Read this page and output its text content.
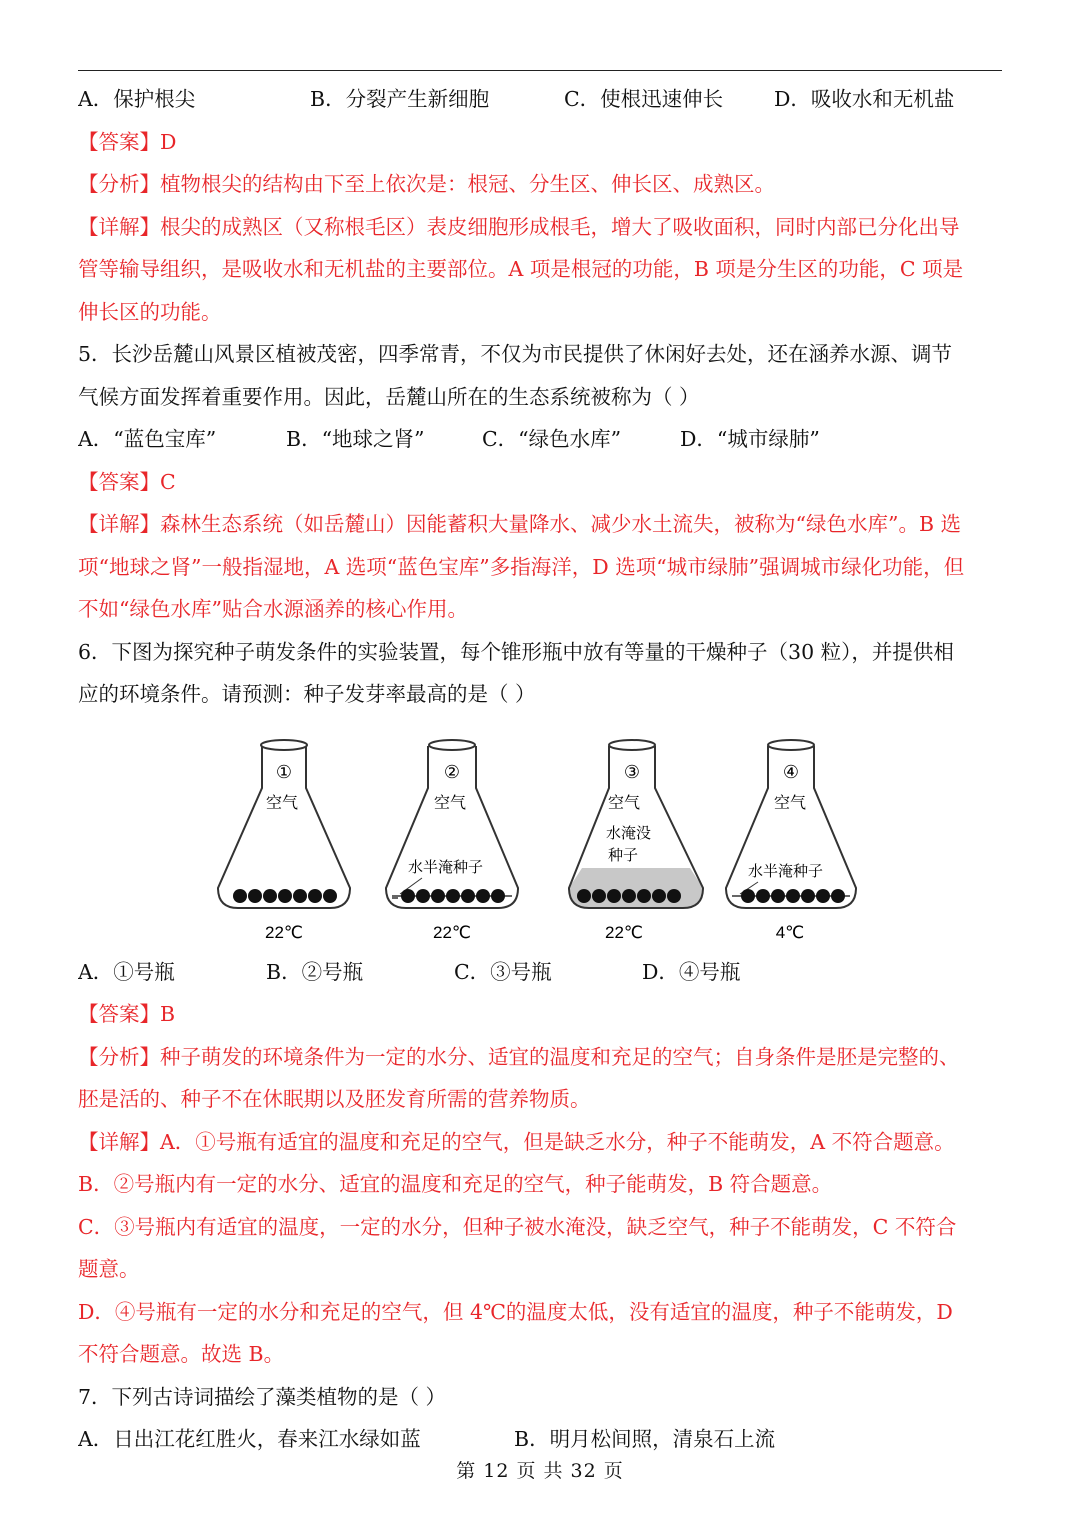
A．保护根尖	B．分裂产生新细胞	C．使根迅速伸长 D．吸收水和无机盐
【答案】D
【分析】植物根尖的结构由下至上依次是：根冠、分生区、伸长区、成熟区。
【详解】根尖的成熟区（又称根毛区）表皮细胞形成根毛，增大了吸收面积，同时内部已分化出导
管等输导组织，是吸收水和无机盐的主要部位。A 项是根冠的功能，B 项是分生区的功能，C 项是
伸长区的功能。
5．长沙岳麓山风景区植被茂密，四季常青，不仅为市民提供了休闲好去处，还在涵养水源、调节
气候方面发挥着重要作用。因此，岳麓山所在的生态系统被称为（ ）
A．“蓝色宝库”	B．“地球之肾”	C．“绿色水库”	D．“城市绿肺”
【答案】C
【详解】森林生态系统（如岳麓山）因能蓄积大量降水、减少水土流失，被称为“绿色水库”。B 选
项“地球之肾”一般指湿地，A 选项“蓝色宝库”多指海洋，D 选项“城市绿肺”强调城市绿化功能，但
不如“绿色水库”贴合水源涵养的核心作用。
6．下图为探究种子萌发条件的实验装置，每个锥形瓶中放有等量的干燥种子（30 粒），并提供相
应的环境条件。请预测：种子发芽率最高的是（ ）
①
空气
22℃
②
空气
水半淹种子
22℃
③
空气
水淹没
种子
22℃
④
空气
水半淹种子
4℃
A．①号瓶	B．②号瓶	C．③号瓶	D．④号瓶
【答案】B
【分析】种子萌发的环境条件为一定的水分、适宜的温度和充足的空气；自身条件是胚是完整的、
胚是活的、种子不在休眠期以及胚发育所需的营养物质。
【详解】A．①号瓶有适宜的温度和充足的空气，但是缺乏水分，种子不能萌发，A 不符合题意。
B．②号瓶内有一定的水分、适宜的温度和充足的空气，种子能萌发，B 符合题意。
C．③号瓶内有适宜的温度，一定的水分，但种子被水淹没，缺乏空气，种子不能萌发，C 不符合
题意。
D．④号瓶有一定的水分和充足的空气，但 4℃的温度太低，没有适宜的温度，种子不能萌发，D
不符合题意。故选 B。
7．下列古诗词描绘了藻类植物的是（ ）
A．日出江花红胜火，春来江水绿如蓝	B．明月松间照，清泉石上流
第 12 页 共 32 页
